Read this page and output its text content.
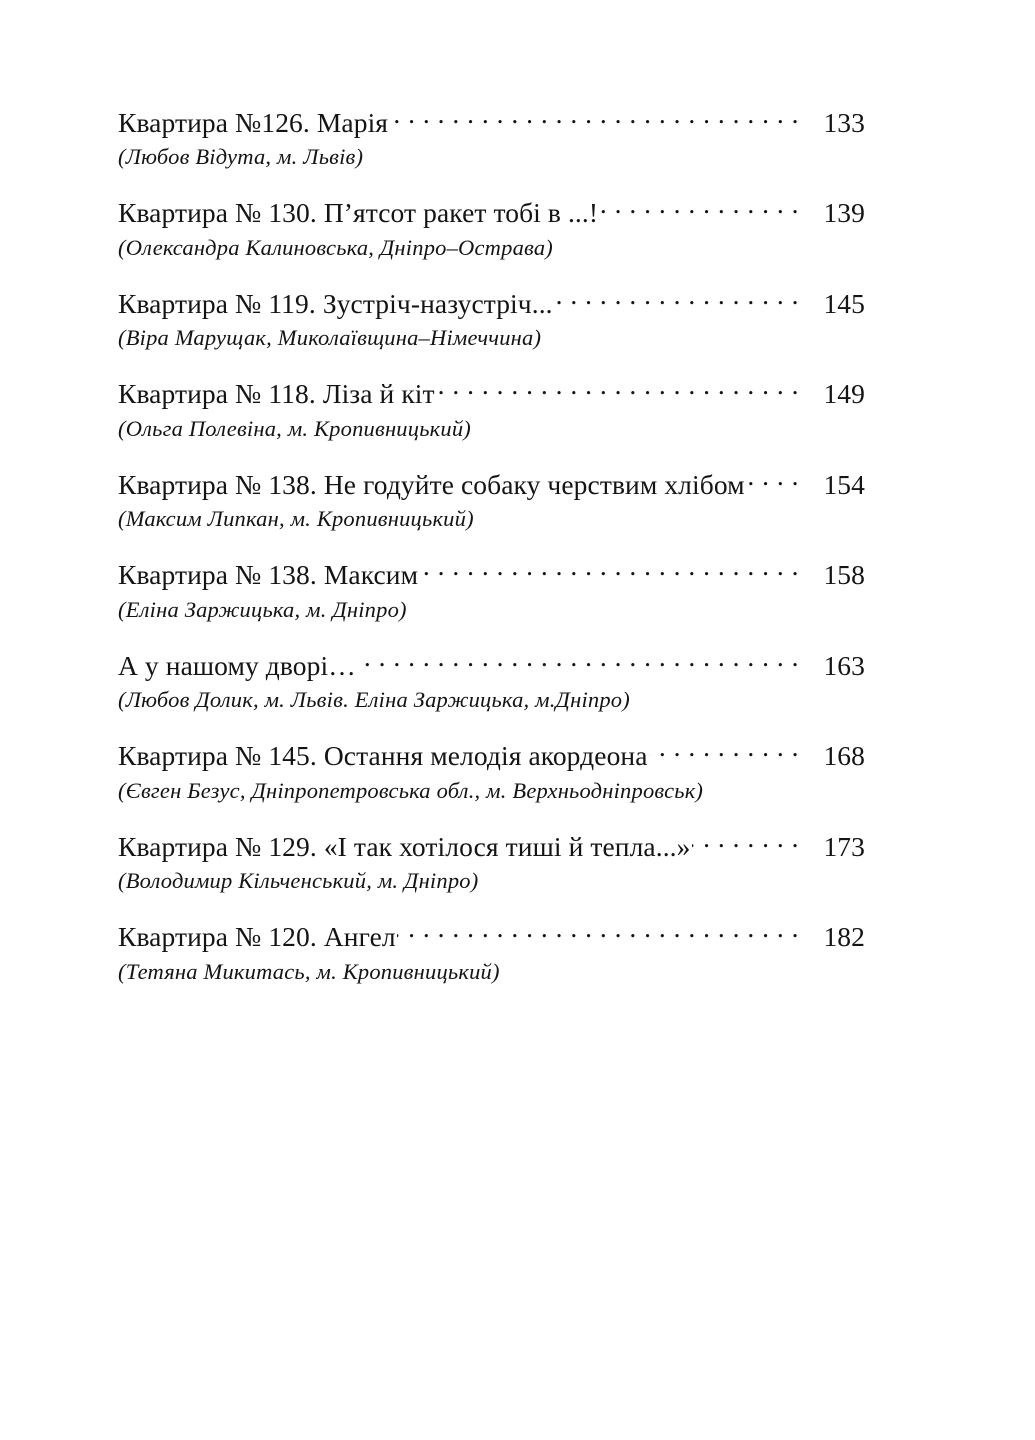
Квартира №126. Марія . . .	133
(Любов Відута, м. Львів)
Квартира № 130. П’ятсот ракет тобі в ...! . . .	139
(Олександра Калиновська, Дніпро–Острава)
Квартира № 119. Зустріч-назустріч... . . .	145
(Віра Марущак, Миколаївщина–Німеччина)
Квартира № 118. Ліза й кіт . . .	149
(Ольга Полевіна, м. Кропивницький)
Квартира № 138. Не годуйте собаку черствим хлібом . . .	154
(Максим Липкан, м. Кропивницький)
Квартира № 138. Максим . . .	158
(Еліна Заржицька, м. Дніпро)
А у нашому дворі… . . .	163
(Любов Долик, м. Львів. Еліна Заржицька, м.Дніпро)
Квартира № 145. Остання мелодія акордеона . . .	168
(Євген Безус, Дніпропетровська обл., м. Верхньодніпровськ)
Квартира № 129. «І так хотілося тиші й тепла...» . . .	173
(Володимир Кільченський, м. Дніпро)
Квартира № 120. Ангел . . .	182
(Тетяна Микитась, м. Кропивницький)
